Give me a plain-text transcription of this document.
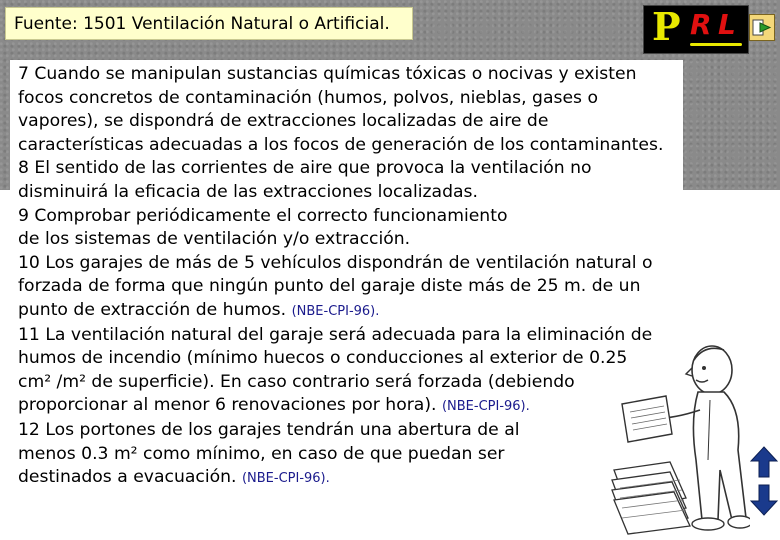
Fuente: 1501 Ventilación Natural o Artificial.	P R L

7 Cuando se manipulan sustancias químicas tóxicas o nocivas y existen

focos concretos de contaminación (humos, polvos, nieblas, gases o

vapores), se dispondrá de extracciones localizadas de aire de

características adecuadas a los focos de generación de los contaminantes.

8 El sentido de las corrientes de aire que provoca la ventilación no

disminuirá la eficacia de las extracciones localizadas.

9 Comprobar periódicamente el correcto funcionamiento

de los sistemas de ventilación y/o extracción.

10 Los garajes de más de 5 vehículos dispondrán de ventilación natural o

forzada de forma que ningún punto del garaje diste más de 25 m. de un

punto de extracción de humos. (NBE-CPI-96).

11 La ventilación natural del garaje será adecuada para la eliminación de

humos de incendio (mínimo huecos o conducciones al exterior de 0.25

cm² /m² de superficie). En caso contrario será forzada (debiendo

proporcionar al menor 6 renovaciones por hora). (NBE-CPI-96).

12 Los portones de los garajes tendrán una abertura de al

menos 0.3 m² como mínimo, en caso de que puedan ser

destinados a evacuación. (NBE-CPI-96).
